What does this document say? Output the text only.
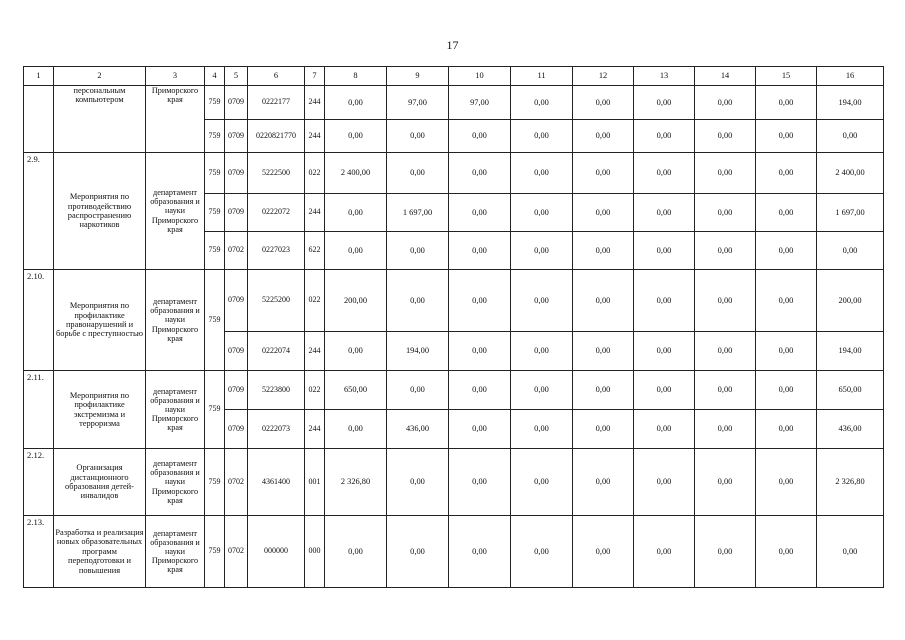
17
1	2	3	4	5	6	7	8	9	10	11	12	13	14	15	16
	персональным компьютером	Приморского края	759	0709	0222177	244	0,00	97,00	97,00	0,00	0,00	0,00	0,00	0,00	194,00
			759	0709	0220821770	244	0,00	0,00	0,00	0,00	0,00	0,00	0,00	0,00	0,00
2.9.	Мероприятия по противодействию распространению наркотиков	департамент образования и науки Приморского края	759	0709	5222500	022	2 400,00	0,00	0,00	0,00	0,00	0,00	0,00	0,00	2 400,00
			759	0709	0222072	244	0,00	1 697,00	0,00	0,00	0,00	0,00	0,00	0,00	1 697,00
			759	0702	0227023	622	0,00	0,00	0,00	0,00	0,00	0,00	0,00	0,00	0,00
2.10.	Мероприятия по профилактике правонарушений и борьбе с преступностью	департамент образования и науки Приморского края	759	0709	5225200	022	200,00	0,00	0,00	0,00	0,00	0,00	0,00	0,00	200,00
				0709	0222074	244	0,00	194,00	0,00	0,00	0,00	0,00	0,00	0,00	194,00
2.11.	Мероприятия по профилактике экстремизма и терроризма	департамент образования и науки Приморского края	759	0709	5223800	022	650,00	0,00	0,00	0,00	0,00	0,00	0,00	0,00	650,00
				0709	0222073	244	0,00	436,00	0,00	0,00	0,00	0,00	0,00	0,00	436,00
2.12.	Организация дистанционного образования детей-инвалидов	департамент образования и науки Приморского края	759	0702	4361400	001	2 326,80	0,00	0,00	0,00	0,00	0,00	0,00	0,00	2 326,80
2.13.	Разработка и реализация новых образовательных программ переподготовки и повышения	департамент образования и науки Приморского края	759	0702	000000	000	0,00	0,00	0,00	0,00	0,00	0,00	0,00	0,00	0,00
